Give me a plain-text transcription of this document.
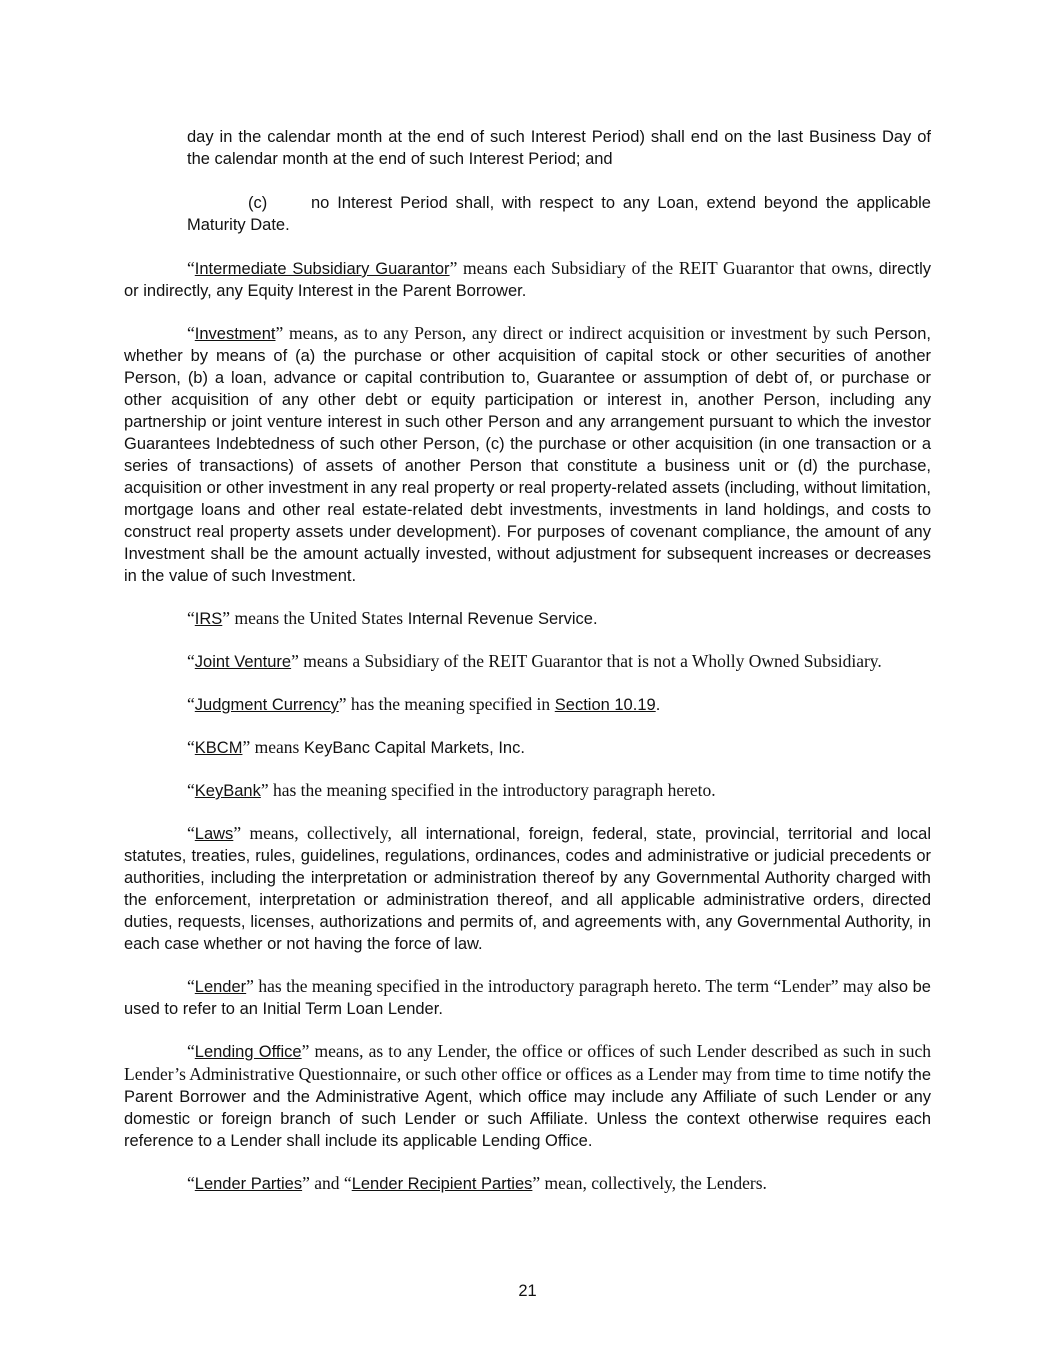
day in the calendar month at the end of such Interest Period) shall end on the last Business Day of the calendar month at the end of such Interest Period; and

(c)	no Interest Period shall, with respect to any Loan, extend beyond the applicable Maturity Date.

“Intermediate Subsidiary Guarantor” means each Subsidiary of the REIT Guarantor that owns, directly or indirectly, any Equity Interest in the Parent Borrower.

“Investment” means, as to any Person, any direct or indirect acquisition or investment by such Person, whether by means of (a) the purchase or other acquisition of capital stock or other securities of another Person, (b) a loan, advance or capital contribution to, Guarantee or assumption of debt of, or purchase or other acquisition of any other debt or equity participation or interest in, another Person, including any partnership or joint venture interest in such other Person and any arrangement pursuant to which the investor Guarantees Indebtedness of such other Person, (c) the purchase or other acquisition (in one transaction or a series of transactions) of assets of another Person that constitute a business unit or (d) the purchase, acquisition or other investment in any real property or real property-related assets (including, without limitation, mortgage loans and other real estate-related debt investments, investments in land holdings, and costs to construct real property assets under development). For purposes of covenant compliance, the amount of any Investment shall be the amount actually invested, without adjustment for subsequent increases or decreases in the value of such Investment.

“IRS” means the United States Internal Revenue Service.

“Joint Venture” means a Subsidiary of the REIT Guarantor that is not a Wholly Owned Subsidiary.

“Judgment Currency” has the meaning specified in Section 10.19.

“KBCM” means KeyBanc Capital Markets, Inc.

“KeyBank” has the meaning specified in the introductory paragraph hereto.

“Laws” means, collectively, all international, foreign, federal, state, provincial, territorial and local statutes, treaties, rules, guidelines, regulations, ordinances, codes and administrative or judicial precedents or authorities, including the interpretation or administration thereof by any Governmental Authority charged with the enforcement, interpretation or administration thereof, and all applicable administrative orders, directed duties, requests, licenses, authorizations and permits of, and agreements with, any Governmental Authority, in each case whether or not having the force of law.

“Lender” has the meaning specified in the introductory paragraph hereto. The term “Lender” may also be used to refer to an Initial Term Loan Lender.

“Lending Office” means, as to any Lender, the office or offices of such Lender described as such in such Lender’s Administrative Questionnaire, or such other office or offices as a Lender may from time to time notify the Parent Borrower and the Administrative Agent, which office may include any Affiliate of such Lender or any domestic or foreign branch of such Lender or such Affiliate. Unless the context otherwise requires each reference to a Lender shall include its applicable Lending Office.

“Lender Parties” and “Lender Recipient Parties” mean, collectively, the Lenders.

21
